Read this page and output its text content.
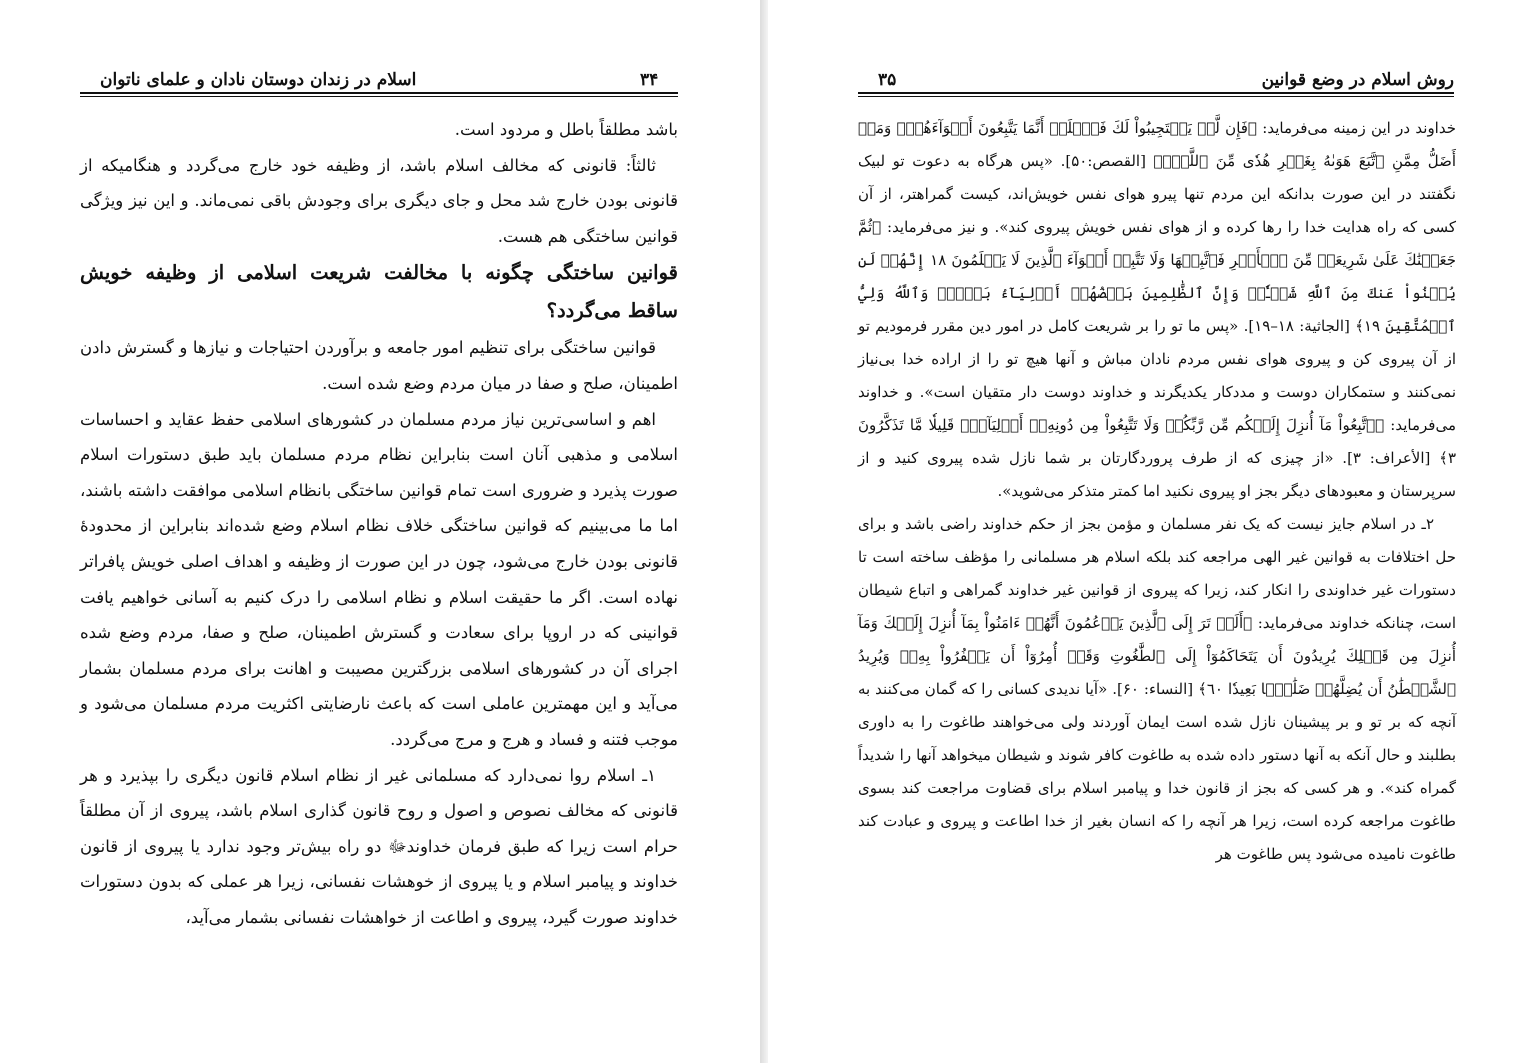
۳۴
اسلام در زندان دوستان نادان و علمای ناتوان

باشد مطلقاً باطل و مردود است.

ثالثاً: قانونی که مخالف اسلام باشد، از وظیفه خود خارج می‌گردد و هنگامیکه از قانونی بودن خارج شد محل و جای دیگری برای وجودش باقی نمی‌ماند. و این نیز ویژگی قوانین ساختگی هم هست.

قوانین ساختگی چگونه با مخالفت شریعت اسلامی از وظیفه خویش ساقط می‌گردد؟

قوانین ساختگی برای تنظیم امور جامعه و برآوردن احتیاجات و نیازها و گسترش دادن اطمینان، صلح و صفا در میان مردم وضع شده است.

اهم و اساسی‌ترین نیاز مردم مسلمان در کشورهای اسلامی حفظ عقاید و احساسات اسلامی و مذهبی آنان است بنابراین نظام مردم مسلمان باید طبق دستورات اسلام صورت پذیرد و ضروری است تمام قوانین ساختگی بانظام اسلامی موافقت داشته باشند، اما ما می‌بینیم که قوانین ساختگی خلاف نظام اسلام وضع شده‌اند بنابراین از محدودهٔ قانونی بودن خارج می‌شود، چون در این صورت از وظیفه و اهداف اصلی خویش پافراتر نهاده است. اگر ما حقیقت اسلام و نظام اسلامی را درک کنیم به آسانی خواهیم یافت قوانینی که در اروپا برای سعادت و گسترش اطمینان، صلح و صفا، مردم وضع شده اجرای آن در کشورهای اسلامی بزرگترین مصیبت و اهانت برای مردم مسلمان بشمار می‌آید و این مهمترین عاملی است که باعث نارضایتی اکثریت مردم مسلمان می‌شود و موجب فتنه و فساد و هرج و مرج می‌گردد.

۱ـ اسلام روا نمی‌دارد که مسلمانی غیر از نظام اسلام قانون دیگری را بپذیرد و هر قانونی که مخالف نصوص و اصول و روح قانون گذاری اسلام باشد، پیروی از آن مطلقاً حرام است زیرا که طبق فرمان خداوندﷻ دو راه بیش‌تر وجود ندارد یا پیروی از قانون خداوند و پیامبر اسلام و یا پیروی از خوهشات نفسانی، زیرا هر عملی که بدون دستورات خداوند صورت گیرد، پیروی و اطاعت از خواهشات نفسانی بشمار می‌آید،

۳۵	روش اسلام در وضع قوانین

خداوند در این زمینه می‌فرماید: ﴿فَإِن لَّمۡ يَسۡتَجِيبُواْ لَكَ فَٱعۡلَمۡ أَنَّمَا يَتَّبِعُونَ أَهۡوَآءَهُمۡۚ وَمَنۡ أَضَلُّ مِمَّنِ ٱتَّبَعَ هَوَىٰهُ بِغَيۡرِ هُدٗى مِّنَ ٱللَّهِۚ﴾ [القصص:۵۰]. «پس هرگاه به دعوت تو لبیک نگفتند در این صورت بدانکه این مردم تنها پیرو هوای نفس خویش‌اند، کیست گمراهتر، از آن کسی که راه هدایت خدا را رها کرده و از هوای نفس خویش پیروی کند». و نیز می‌فرماید: ﴿ثُمَّ جَعَلۡنَٰكَ عَلَىٰ شَرِيعَةٖ مِّنَ ٱلۡأَمۡرِ فَٱتَّبِعۡهَا وَلَا تَتَّبِعۡ أَهۡوَآءَ ٱلَّذِينَ لَا يَعۡلَمُونَ ١٨ إِنَّهُمۡ لَن يُغۡنُواْ عَنكَ مِنَ ٱللَّهِ شَيۡـٔٗاۚ وَإِنَّ ٱلظَّٰلِمِينَ بَعۡضُهُمۡ أَوۡلِيَآءُ بَعۡضٖۖ وَٱللَّهُ وَلِيُّ ٱلۡمُتَّقِينَ ١٩﴾ [الجاثیة: ۱۸–۱۹]. «پس ما تو را بر شریعت کامل در امور دین مقرر فرمودیم تو از آن پیروی کن و پیروی هوای نفس مردم نادان مباش و آنها هیچ تو را از اراده خدا بی‌نیاز نمی‌کنند و ستمکاران دوست و مددکار یکدیگرند و خداوند دوست دار متقیان است». و خداوند می‌فرماید: ﴿ٱتَّبِعُواْ مَآ أُنزِلَ إِلَيۡكُم مِّن رَّبِّكُمۡ وَلَا تَتَّبِعُواْ مِن دُونِهِۦٓ أَوۡلِيَآءَۗ قَلِيلٗا مَّا تَذَكَّرُونَ ٣﴾ [الأعراف: ۳]. «از چیزی که از طرف پروردگارتان بر شما نازل شده پیروی کنید و از سرپرستان و معبودهای دیگر بجز او پیروی نکنید اما کمتر متذکر می‌شوید».

۲ـ در اسلام جایز نیست که یک نفر مسلمان و مؤمن بجز از حکم خداوند راضی باشد و برای حل اختلافات به قوانین غیر الهی مراجعه کند بلکه اسلام هر مسلمانی را مؤظف ساخته است تا دستورات غیر خداوندی را انکار کند، زیرا که پیروی از قوانین غیر خداوند گمراهی و اتباع شیطان است، چنانکه خداوند می‌فرماید: ﴿أَلَمۡ تَرَ إِلَى ٱلَّذِينَ يَزۡعُمُونَ أَنَّهُمۡ ءَامَنُواْ بِمَآ أُنزِلَ إِلَيۡكَ وَمَآ أُنزِلَ مِن قَبۡلِكَ يُرِيدُونَ أَن يَتَحَاكَمُوٓاْ إِلَى ٱلطَّٰغُوتِ وَقَدۡ أُمِرُوٓاْ أَن يَكۡفُرُواْ بِهِۦۖ وَيُرِيدُ ٱلشَّيۡطَٰنُ أَن يُضِلَّهُمۡ ضَلَٰلَۢا بَعِيدٗا ٦٠﴾ [النساء: ۶۰]. «آیا ندیدی کسانی را که گمان می‌کنند به آنچه که بر تو و بر پیشینان نازل شده است ایمان آوردند ولی می‌خواهند طاغوت را به داوری بطلبند و حال آنکه به آنها دستور داده شده به طاغوت کافر شوند و شیطان میخواهد آنها را شدیداً گمراه کند». و هر کسی که بجز از قانون خدا و پیامبر اسلام برای قضاوت مراجعت کند بسوی طاغوت مراجعه کرده است، زیرا هر آنچه را که انسان بغیر از خدا اطاعت و پیروی و عبادت کند طاغوت نامیده می‌شود پس طاغوت هر
